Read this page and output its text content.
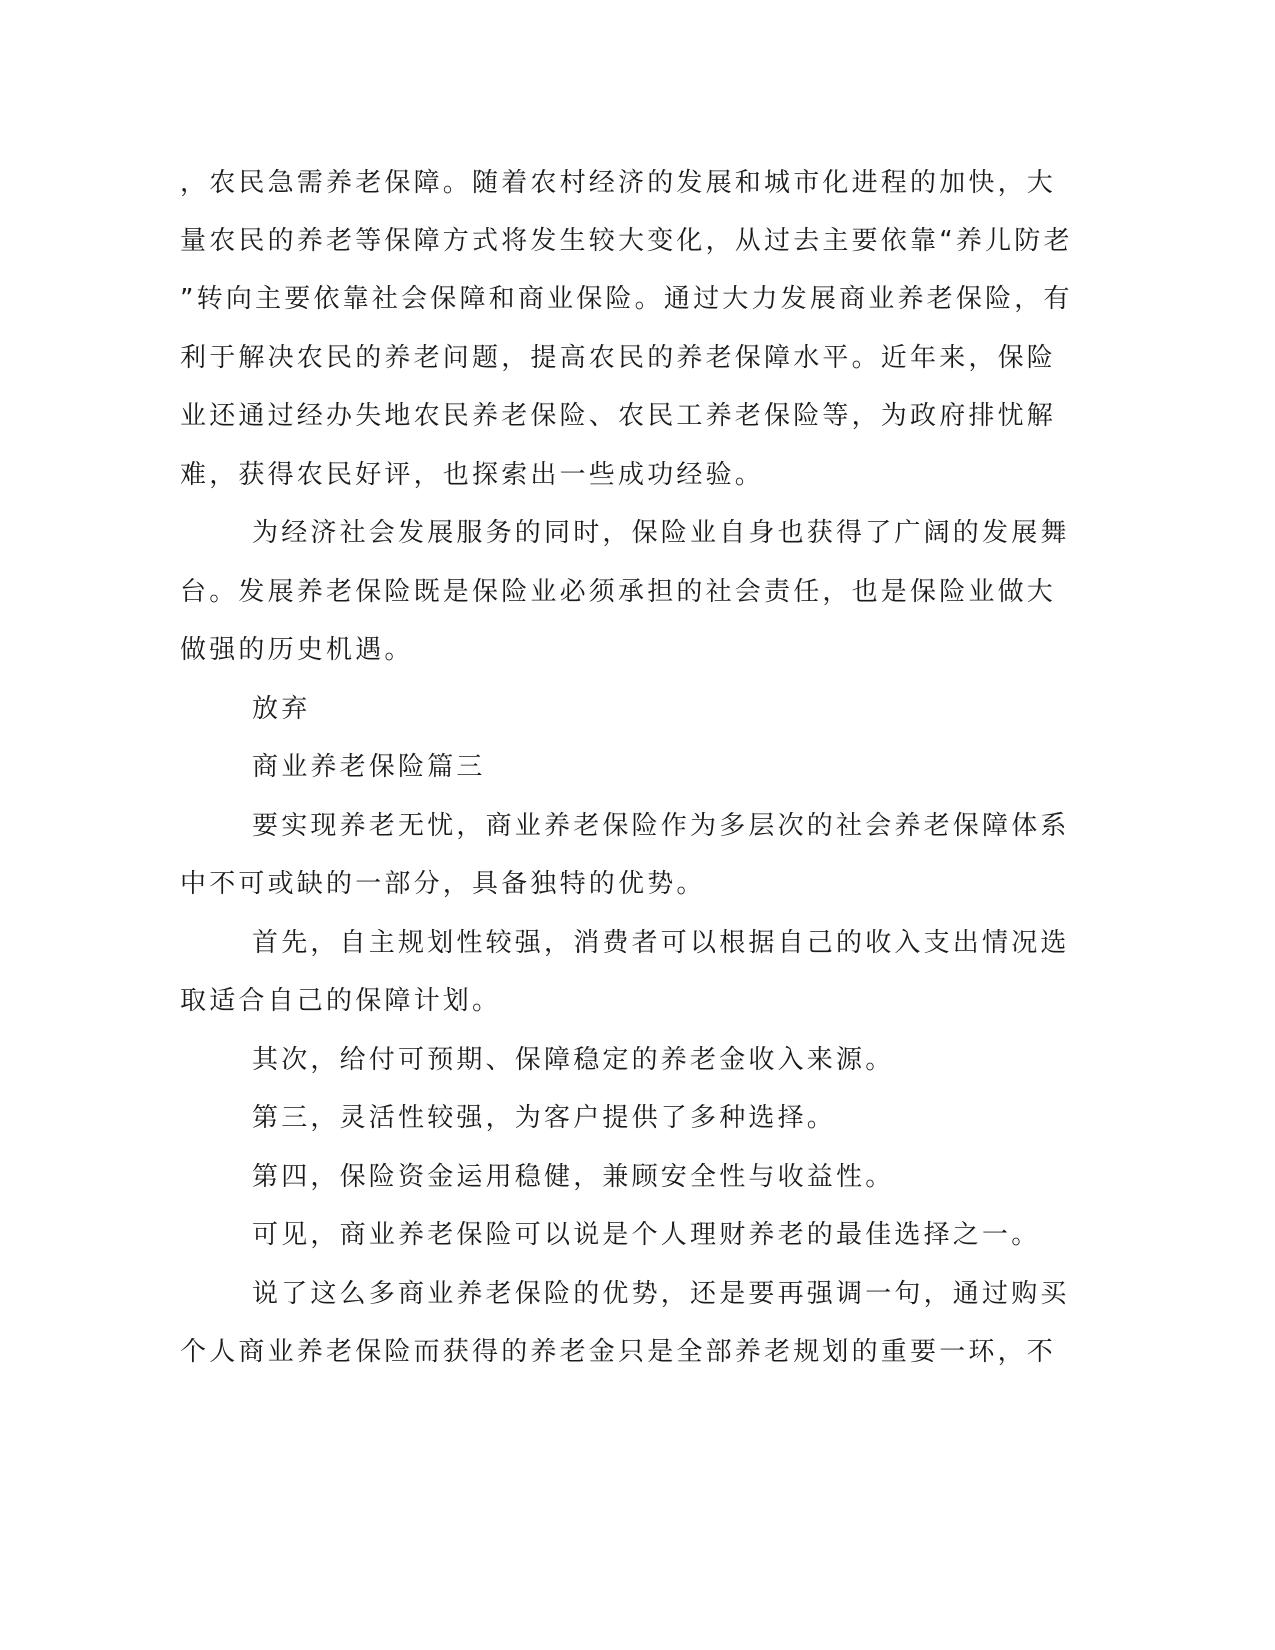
，农民急需养老保障。随着农村经济的发展和城市化进程的加快，大
量农民的养老等保障方式将发生较大变化，从过去主要依靠“养儿防老
”转向主要依靠社会保障和商业保险。通过大力发展商业养老保险，有
利于解决农民的养老问题，提高农民的养老保障水平。近年来，保险
业还通过经办失地农民养老保险、农民工养老保险等，为政府排忧解
难，获得农民好评，也探索出一些成功经验。
为经济社会发展服务的同时，保险业自身也获得了广阔的发展舞
台。发展养老保险既是保险业必须承担的社会责任，也是保险业做大
做强的历史机遇。
放弃
商业养老保险篇三
要实现养老无忧，商业养老保险作为多层次的社会养老保障体系
中不可或缺的一部分，具备独特的优势。
首先，自主规划性较强，消费者可以根据自己的收入支出情况选
取适合自己的保障计划。
其次，给付可预期、保障稳定的养老金收入来源。
第三，灵活性较强，为客户提供了多种选择。
第四，保险资金运用稳健，兼顾安全性与收益性。
可见，商业养老保险可以说是个人理财养老的最佳选择之一。
说了这么多商业养老保险的优势，还是要再强调一句，通过购买
个人商业养老保险而获得的养老金只是全部养老规划的重要一环，不
